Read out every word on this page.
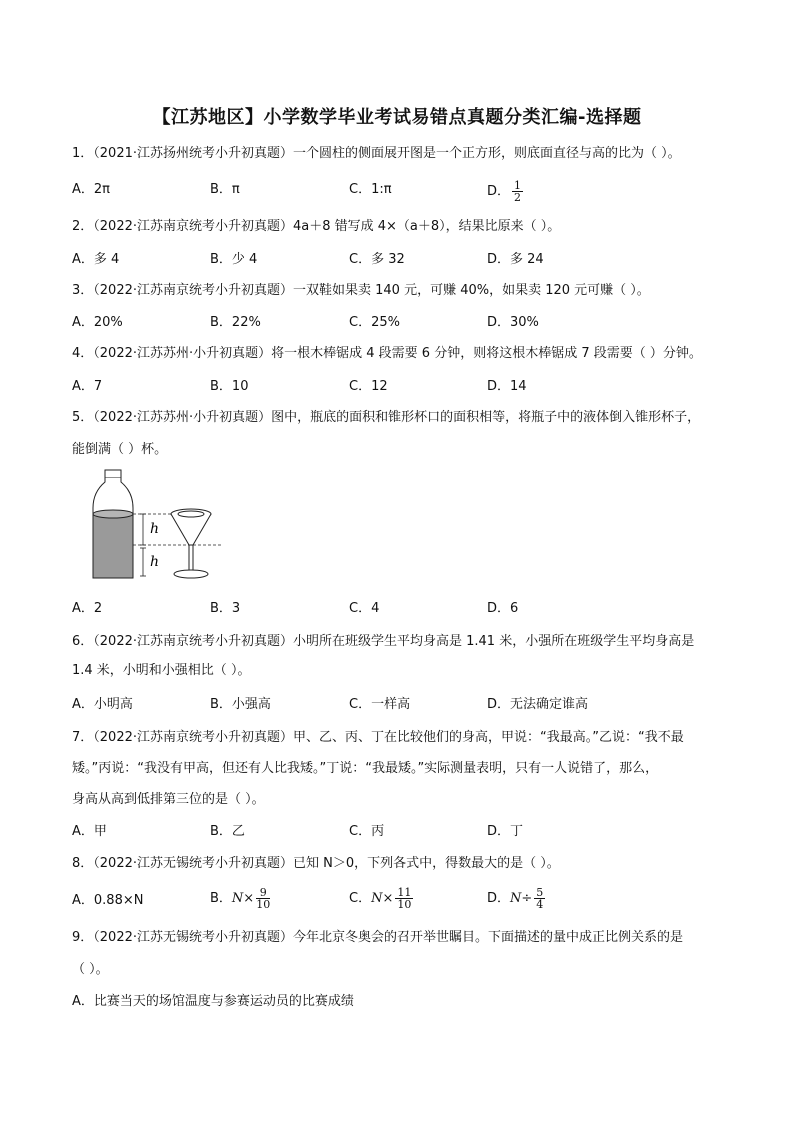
【江苏地区】小学数学毕业考试易错点真题分类汇编-选择题
1．（2021·江苏扬州统考小升初真题）一个圆柱的侧面展开图是一个正方形，则底面直径与高的比为（ ）。
A．2π	B．π	C．1:π	D． $\frac{1}{2}$
2．（2022·江苏南京统考小升初真题）4a＋8 错写成 4×（a＋8），结果比原来（ ）。
A．多 4	B．少 4	C．多 32	D．多 24
3．（2022·江苏南京统考小升初真题）一双鞋如果卖 140 元，可赚 40%，如果卖 120 元可赚（ ）。
A．20%	B．22%	C．25%	D．30%
4．（2022·江苏苏州·小升初真题）将一根木棒锯成 4 段需要 6 分钟，则将这根木棒锯成 7 段需要（ ）分钟。
A．7	B．10	C．12	D．14
5．（2022·江苏苏州·小升初真题）图中，瓶底的面积和锥形杯口的面积相等，将瓶子中的液体倒入锥形杯子，
能倒满（ ）杯。
h
h
A．2	B．3	C．4	D．6
6．（2022·江苏南京统考小升初真题）小明所在班级学生平均身高是 1.41 米，小强所在班级学生平均身高是
1.4 米，小明和小强相比（ ）。
A．小明高	B．小强高	C．一样高	D．无法确定谁高
7．（2022·江苏南京统考小升初真题）甲、乙、丙、丁在比较他们的身高，甲说：“我最高。”乙说：“我不最
矮。”丙说：“我没有甲高，但还有人比我矮。”丁说：“我最矮。”实际测量表明，只有一人说错了，那么，
身高从高到低排第三位的是（ ）。
A．甲	B．乙	C．丙	D．丁
8．（2022·江苏无锡统考小升初真题）已知 N＞0，下列各式中，得数最大的是（ ）。
A．0.88×N	B．$N\times \frac{9}{10}$	C．$N\times \frac{11}{10}$	D．$N\div \frac{5}{4}$
9．（2022·江苏无锡统考小升初真题）今年北京冬奥会的召开举世瞩目。下面描述的量中成正比例关系的是
（ ）。
A．比赛当天的场馆温度与参赛运动员的比赛成绩
